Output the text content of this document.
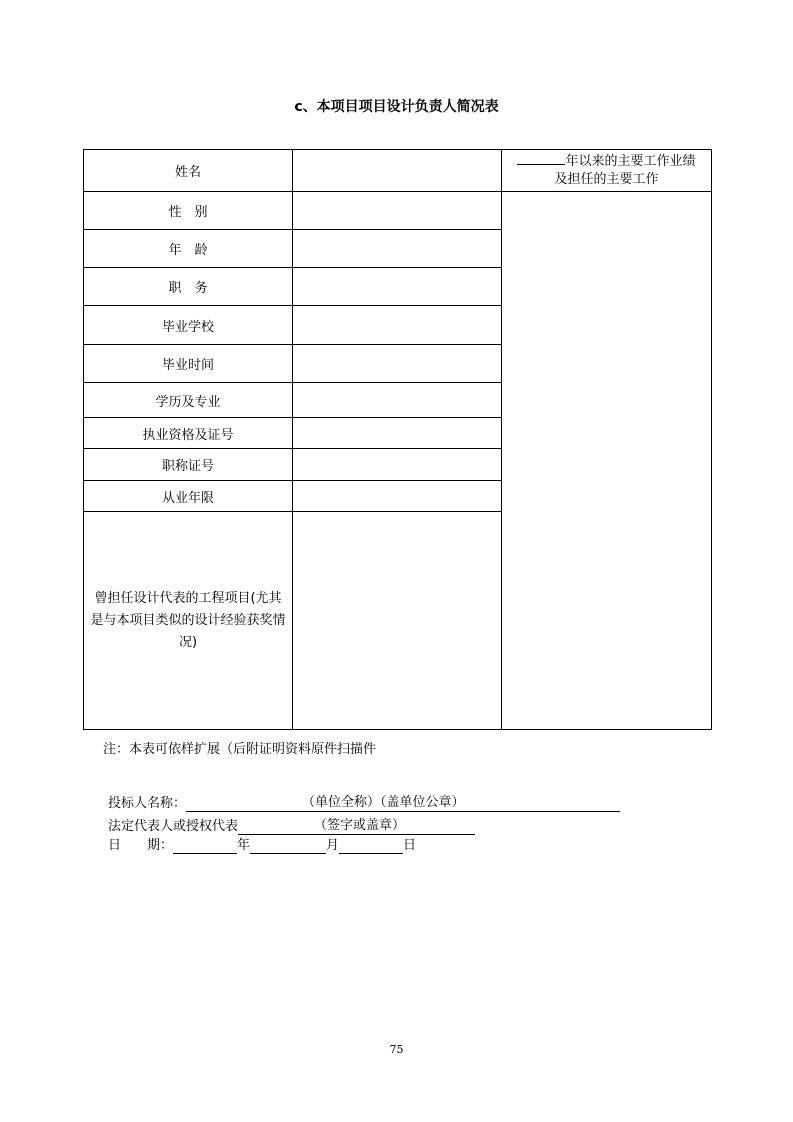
c、本项目项目设计负责人简况表
姓名		年以来的主要工作业绩
及担任的主要工作
性　别		
年　龄		
职　务		
毕业学校		
毕业时间		
学历及专业		
执业资格及证号		
职称证号		
从业年限		
曾担任设计代表的工程项目(尤其是与本项目类似的设计经验获奖情况)		
注：本表可依样扩展（后附证明资料原件扫描件
投标人名称：	（单位全称）（盖单位公章）
法定代表人或授权代表	（签字或盖章）
日　　期：	年	月	日
75
